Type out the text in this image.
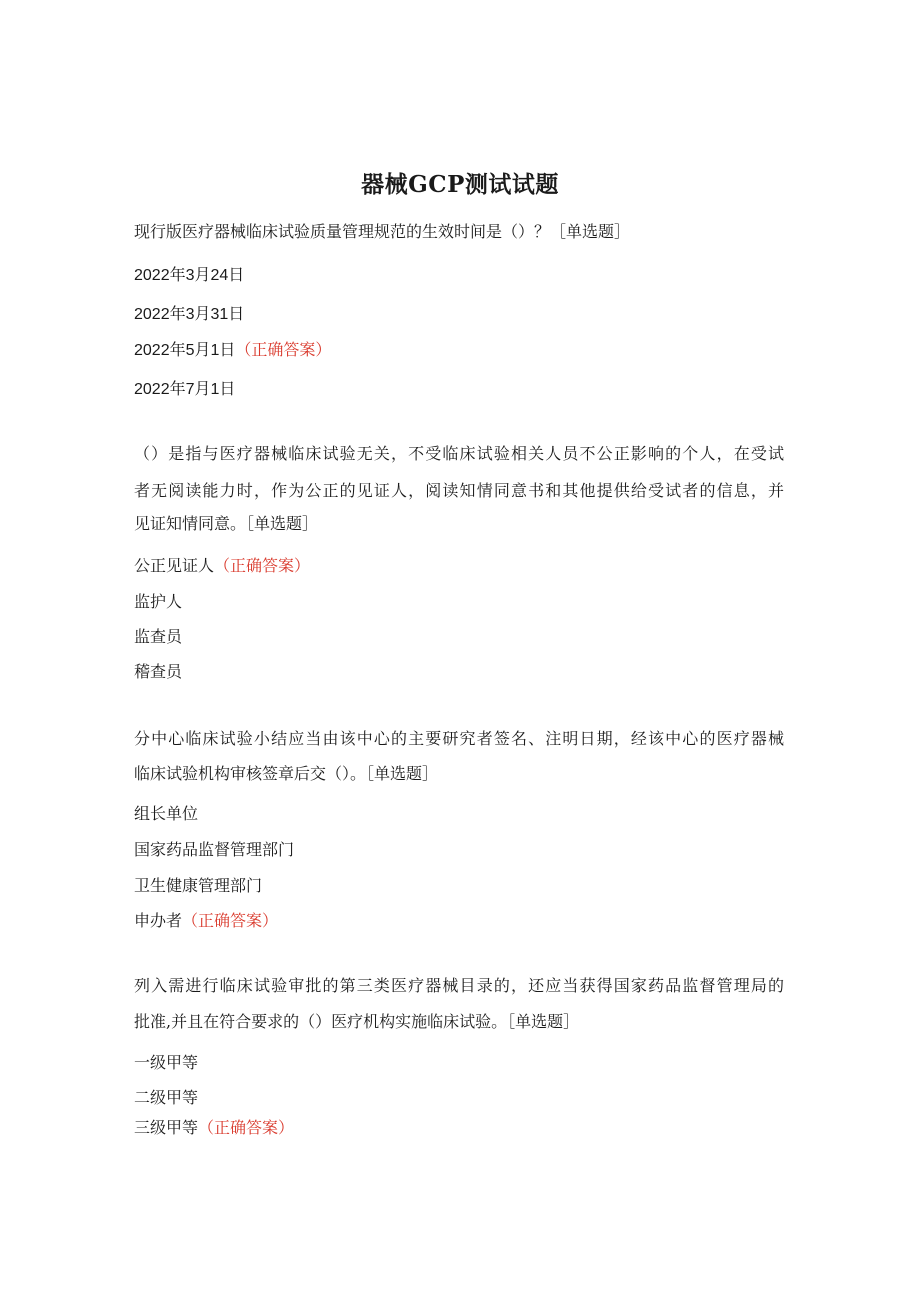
器械GCP测试试题
现行版医疗器械临床试验质量管理规范的生效时间是（）？［单选题］
2022年3月24日
2022年3月31日
2022年5月1日（正确答案）
2022年7月1日
（）是指与医疗器械临床试验无关，不受临床试验相关人员不公正影响的个人，在受试
者无阅读能力时，作为公正的见证人，阅读知情同意书和其他提供给受试者的信息，并
见证知情同意。［单选题］
公正见证人（正确答案）
监护人
监查员
稽查员
分中心临床试验小结应当由该中心的主要研究者签名、注明日期，经该中心的医疗器械
临床试验机构审核签章后交（）。［单选题］
组长单位
国家药品监督管理部门
卫生健康管理部门
申办者（正确答案）
列入需进行临床试验审批的第三类医疗器械目录的，还应当获得国家药品监督管理局的
批准,并且在符合要求的（）医疗机构实施临床试验。［单选题］
一级甲等
二级甲等
三级甲等（正确答案）
